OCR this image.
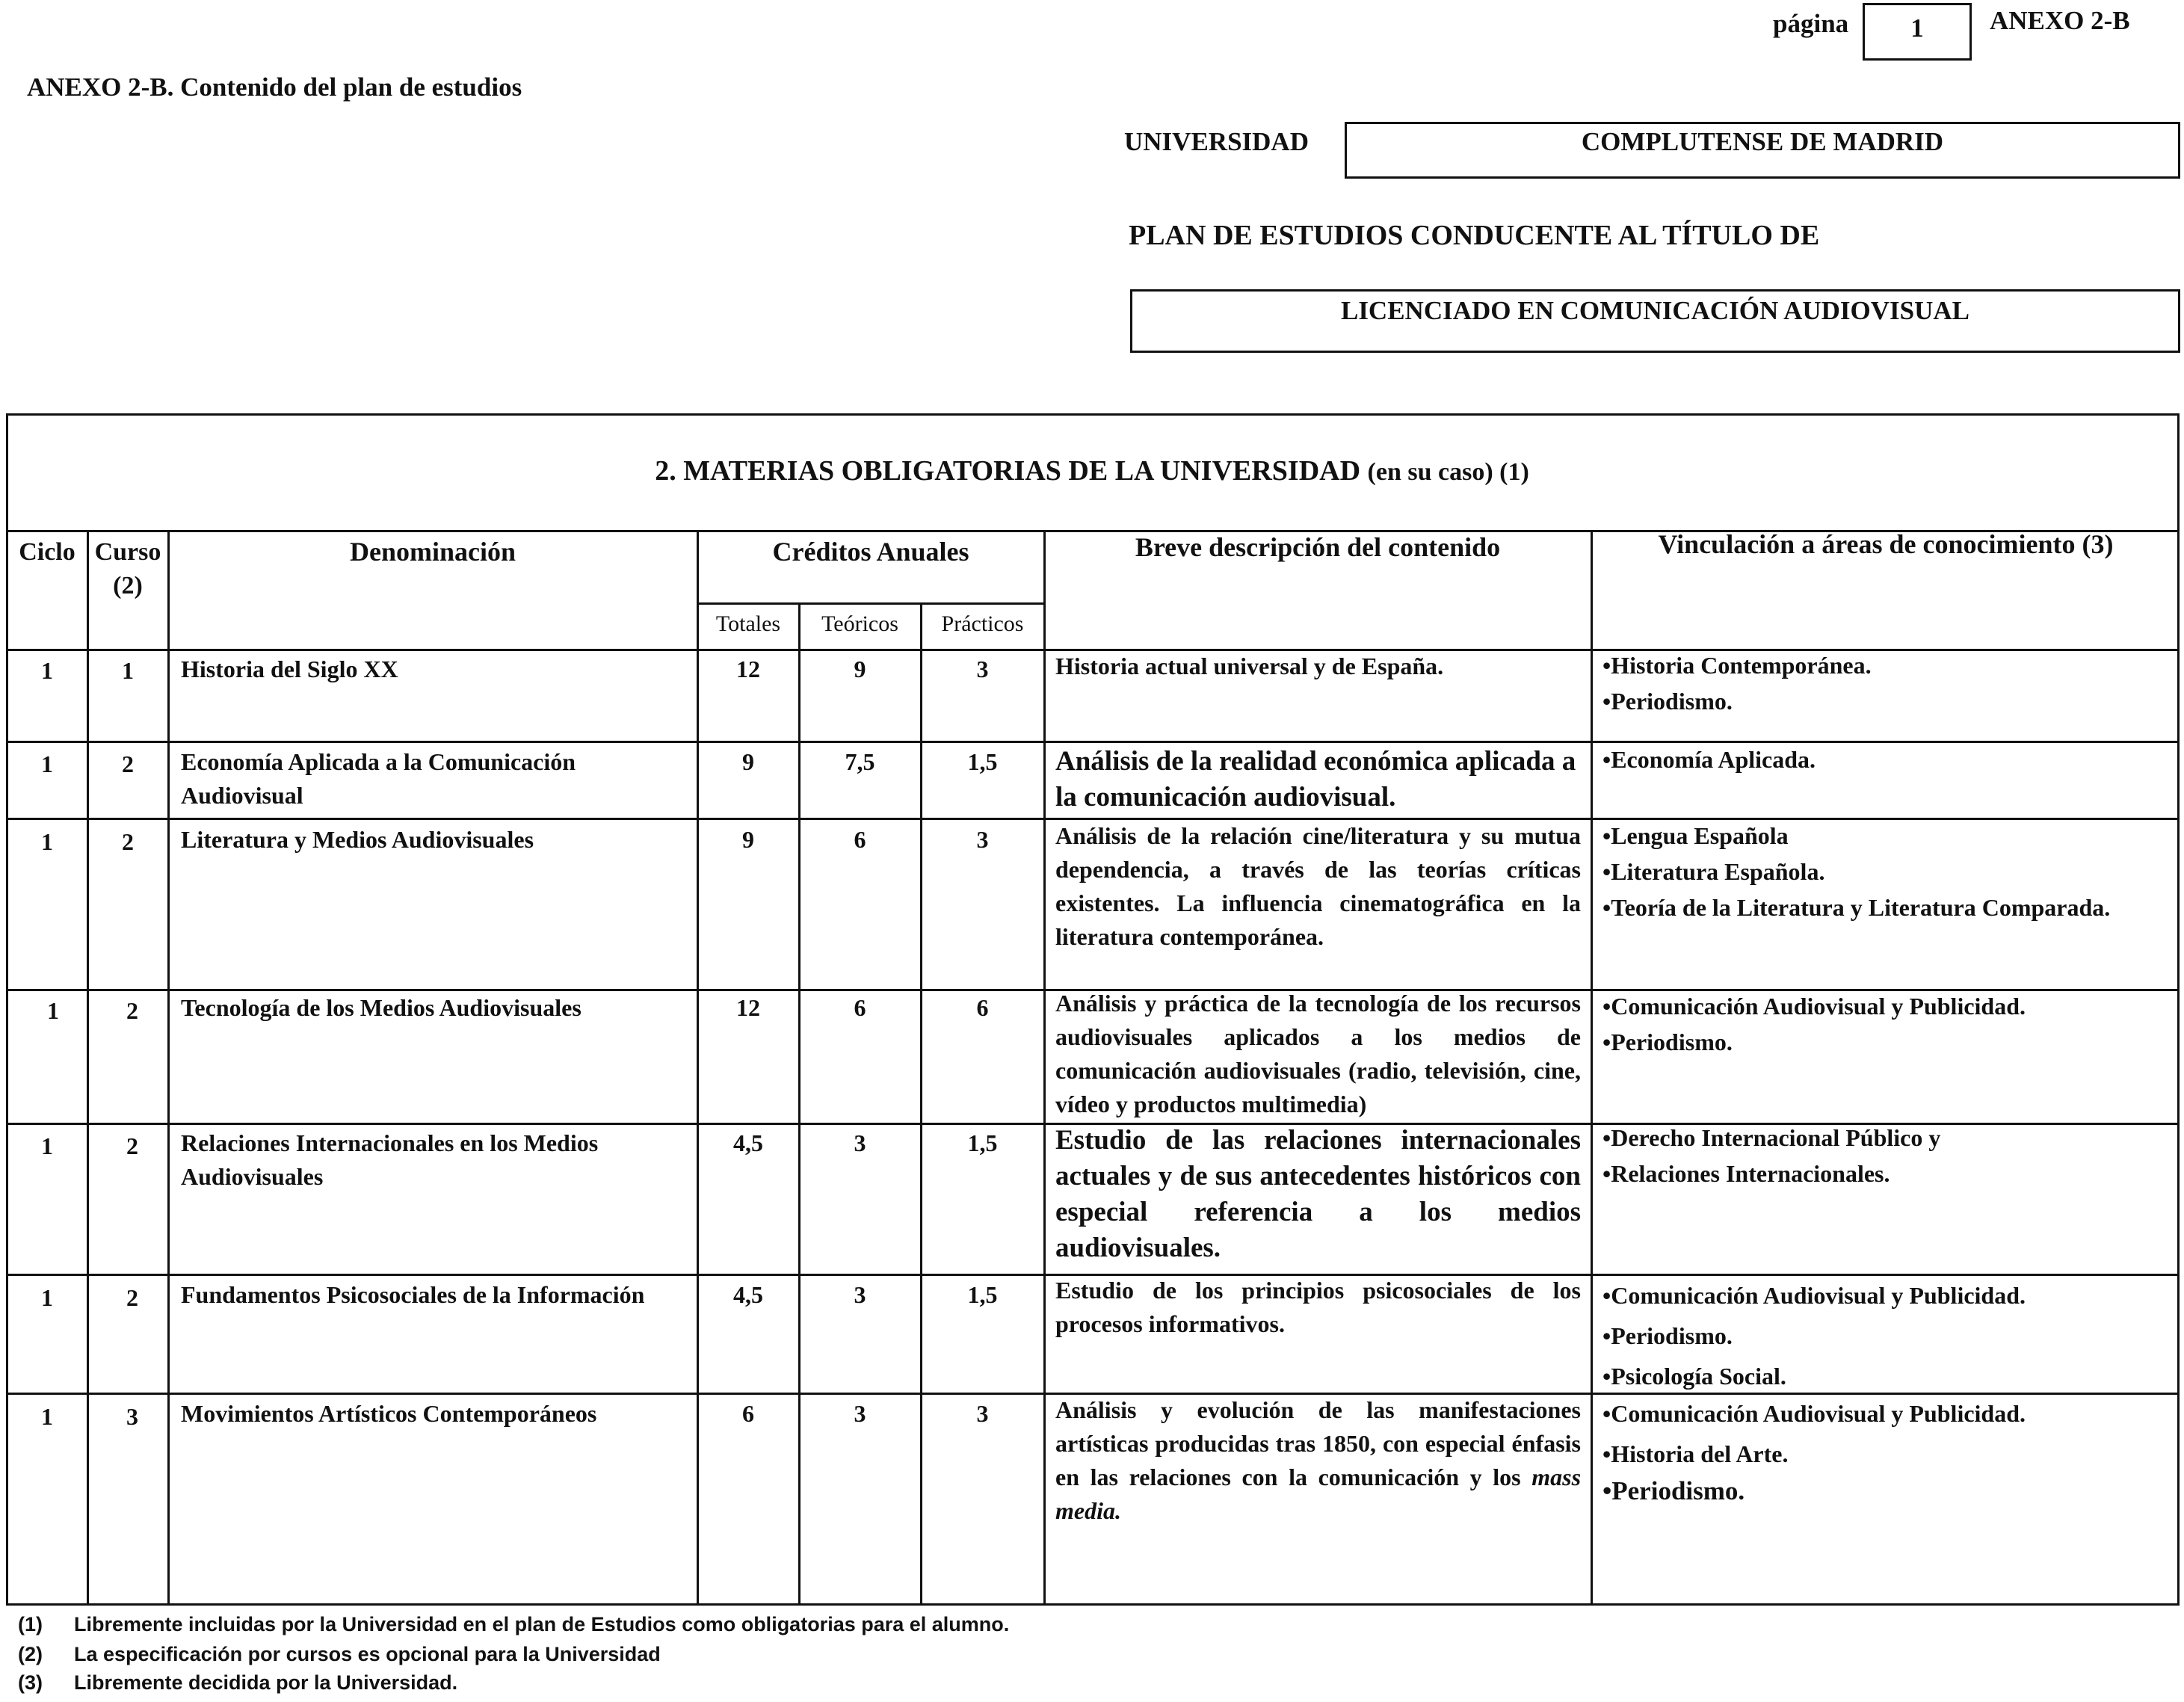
página	1	ANEXO 2-B
ANEXO 2-B. Contenido del plan de estudios
UNIVERSIDAD	COMPLUTENSE DE MADRID
PLAN DE ESTUDIOS CONDUCENTE AL TÍTULO DE
LICENCIADO EN COMUNICACIÓN AUDIOVISUAL
2. MATERIAS OBLIGATORIAS DE LA UNIVERSIDAD (en su caso) (1)
Ciclo Curso
(2)
Denominación	Créditos Anuales
Totales	Teóricos	Prácticos
Breve descripción del contenido	Vinculación a áreas de conocimiento (3)
1	1	Historia del Siglo XX	12	9	3	Historia actual universal y de España.
•	Historia Contemporánea.
• Periodismo.
1	2	Economía Aplicada a la Comunicación Audiovisual
9	7,5	1,5	Análisis de la realidad económica aplicada a la comunicación audiovisual.
• Economía Aplicada.
1	2	Literatura y Medios Audiovisuales	9	6	3	Análisis de la relación cine/literatura y su mutua dependencia, a través de las teorías críticas existentes. La influencia cinematográfica en la literatura contemporánea.
• Lengua Española
• Literatura Española.
• Teoría de la Literatura y Literatura Comparada.
1	2	Tecnología de los Medios Audiovisuales	12	6	6	Análisis y práctica de la tecnología de los recursos audiovisuales aplicados a los medios de comunicación audiovisuales (radio, televisión, cine, vídeo y productos multimedia)
• Comunicación Audiovisual y Publicidad.
• Periodismo.
1	2	Relaciones Internacionales en los Medios Audiovisuales
4,5	3	1,5	Estudio de las relaciones internacionales actuales y de sus antecedentes históricos con especial referencia a los medios audiovisuales.
• Derecho Internacional Público y
• Relaciones Internacionales.
1	2	Fundamentos Psicosociales de la Información	4,5	3	1,5	Estudio de los principios psicosociales de los procesos informativos.
• Comunicación Audiovisual y Publicidad.
• Periodismo.
• Psicología Social.
1	3	Movimientos Artísticos Contemporáneos	6	3	3	Análisis y evolución de las manifestaciones artísticas producidas tras 1850, con especial énfasis en las relaciones con la comunicación y los mass media.
• Comunicación Audiovisual y Publicidad.
• Historia del Arte.
• Periodismo.
(1) Libremente incluidas por la Universidad en el plan de Estudios como obligatorias para el alumno.
(2) La especificación por cursos es opcional para la Universidad
(3) Libremente decidida por la Universidad.
